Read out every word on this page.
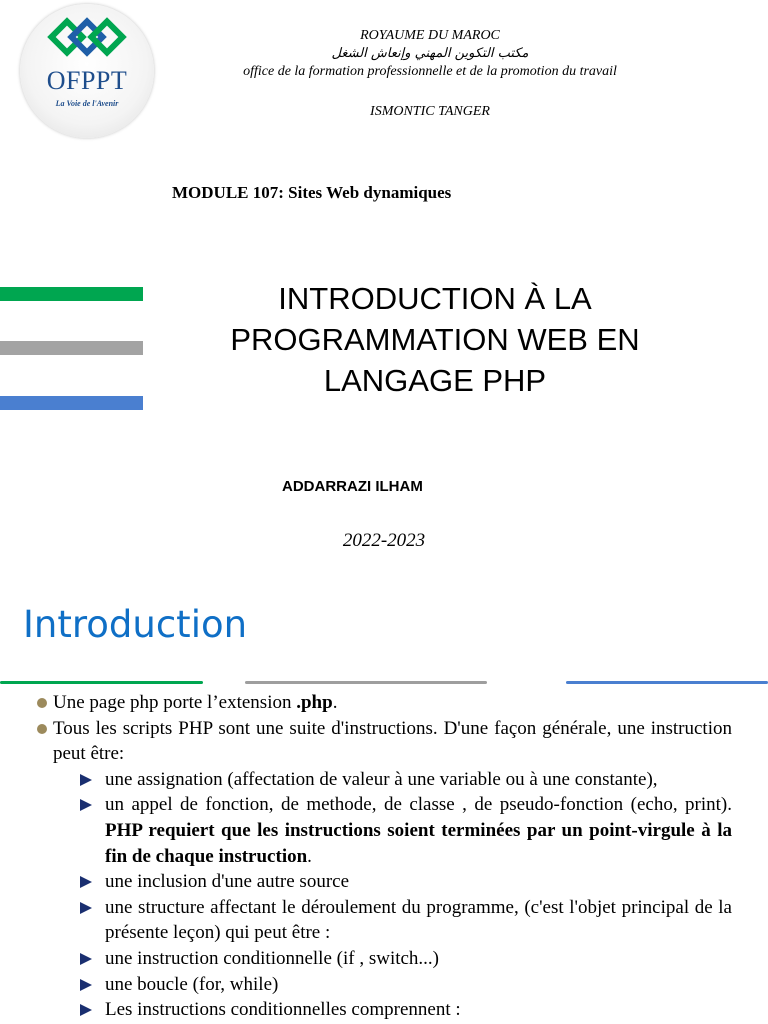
OFPPT
La Voie de l'Avenir
ROYAUME DU MAROC
مكتب التكوين المهني وإنعاش الشغل
office de la formation professionnelle et de la promotion du travail
ISMONTIC TANGER
MODULE 107: Sites Web dynamiques
INTRODUCTION À LA
PROGRAMMATION WEB EN
LANGAGE PHP
ADDARRAZI ILHAM
2022-2023
Introduction
Une page php porte l’extension .php.
Tous les scripts PHP sont une suite d'instructions. D'une façon générale, une instruction peut être:
une assignation (affectation de valeur à une variable ou à une constante),
un appel de fonction, de methode, de classe , de pseudo-fonction (echo, print). PHP requiert que les instructions soient terminées par un point-virgule à la fin de chaque instruction.
une inclusion d'une autre source
une structure affectant le déroulement du programme, (c'est l'objet principal de la présente leçon) qui peut être :
une instruction conditionnelle (if , switch...)
une boucle (for, while)
Les instructions conditionnelles comprennent :
